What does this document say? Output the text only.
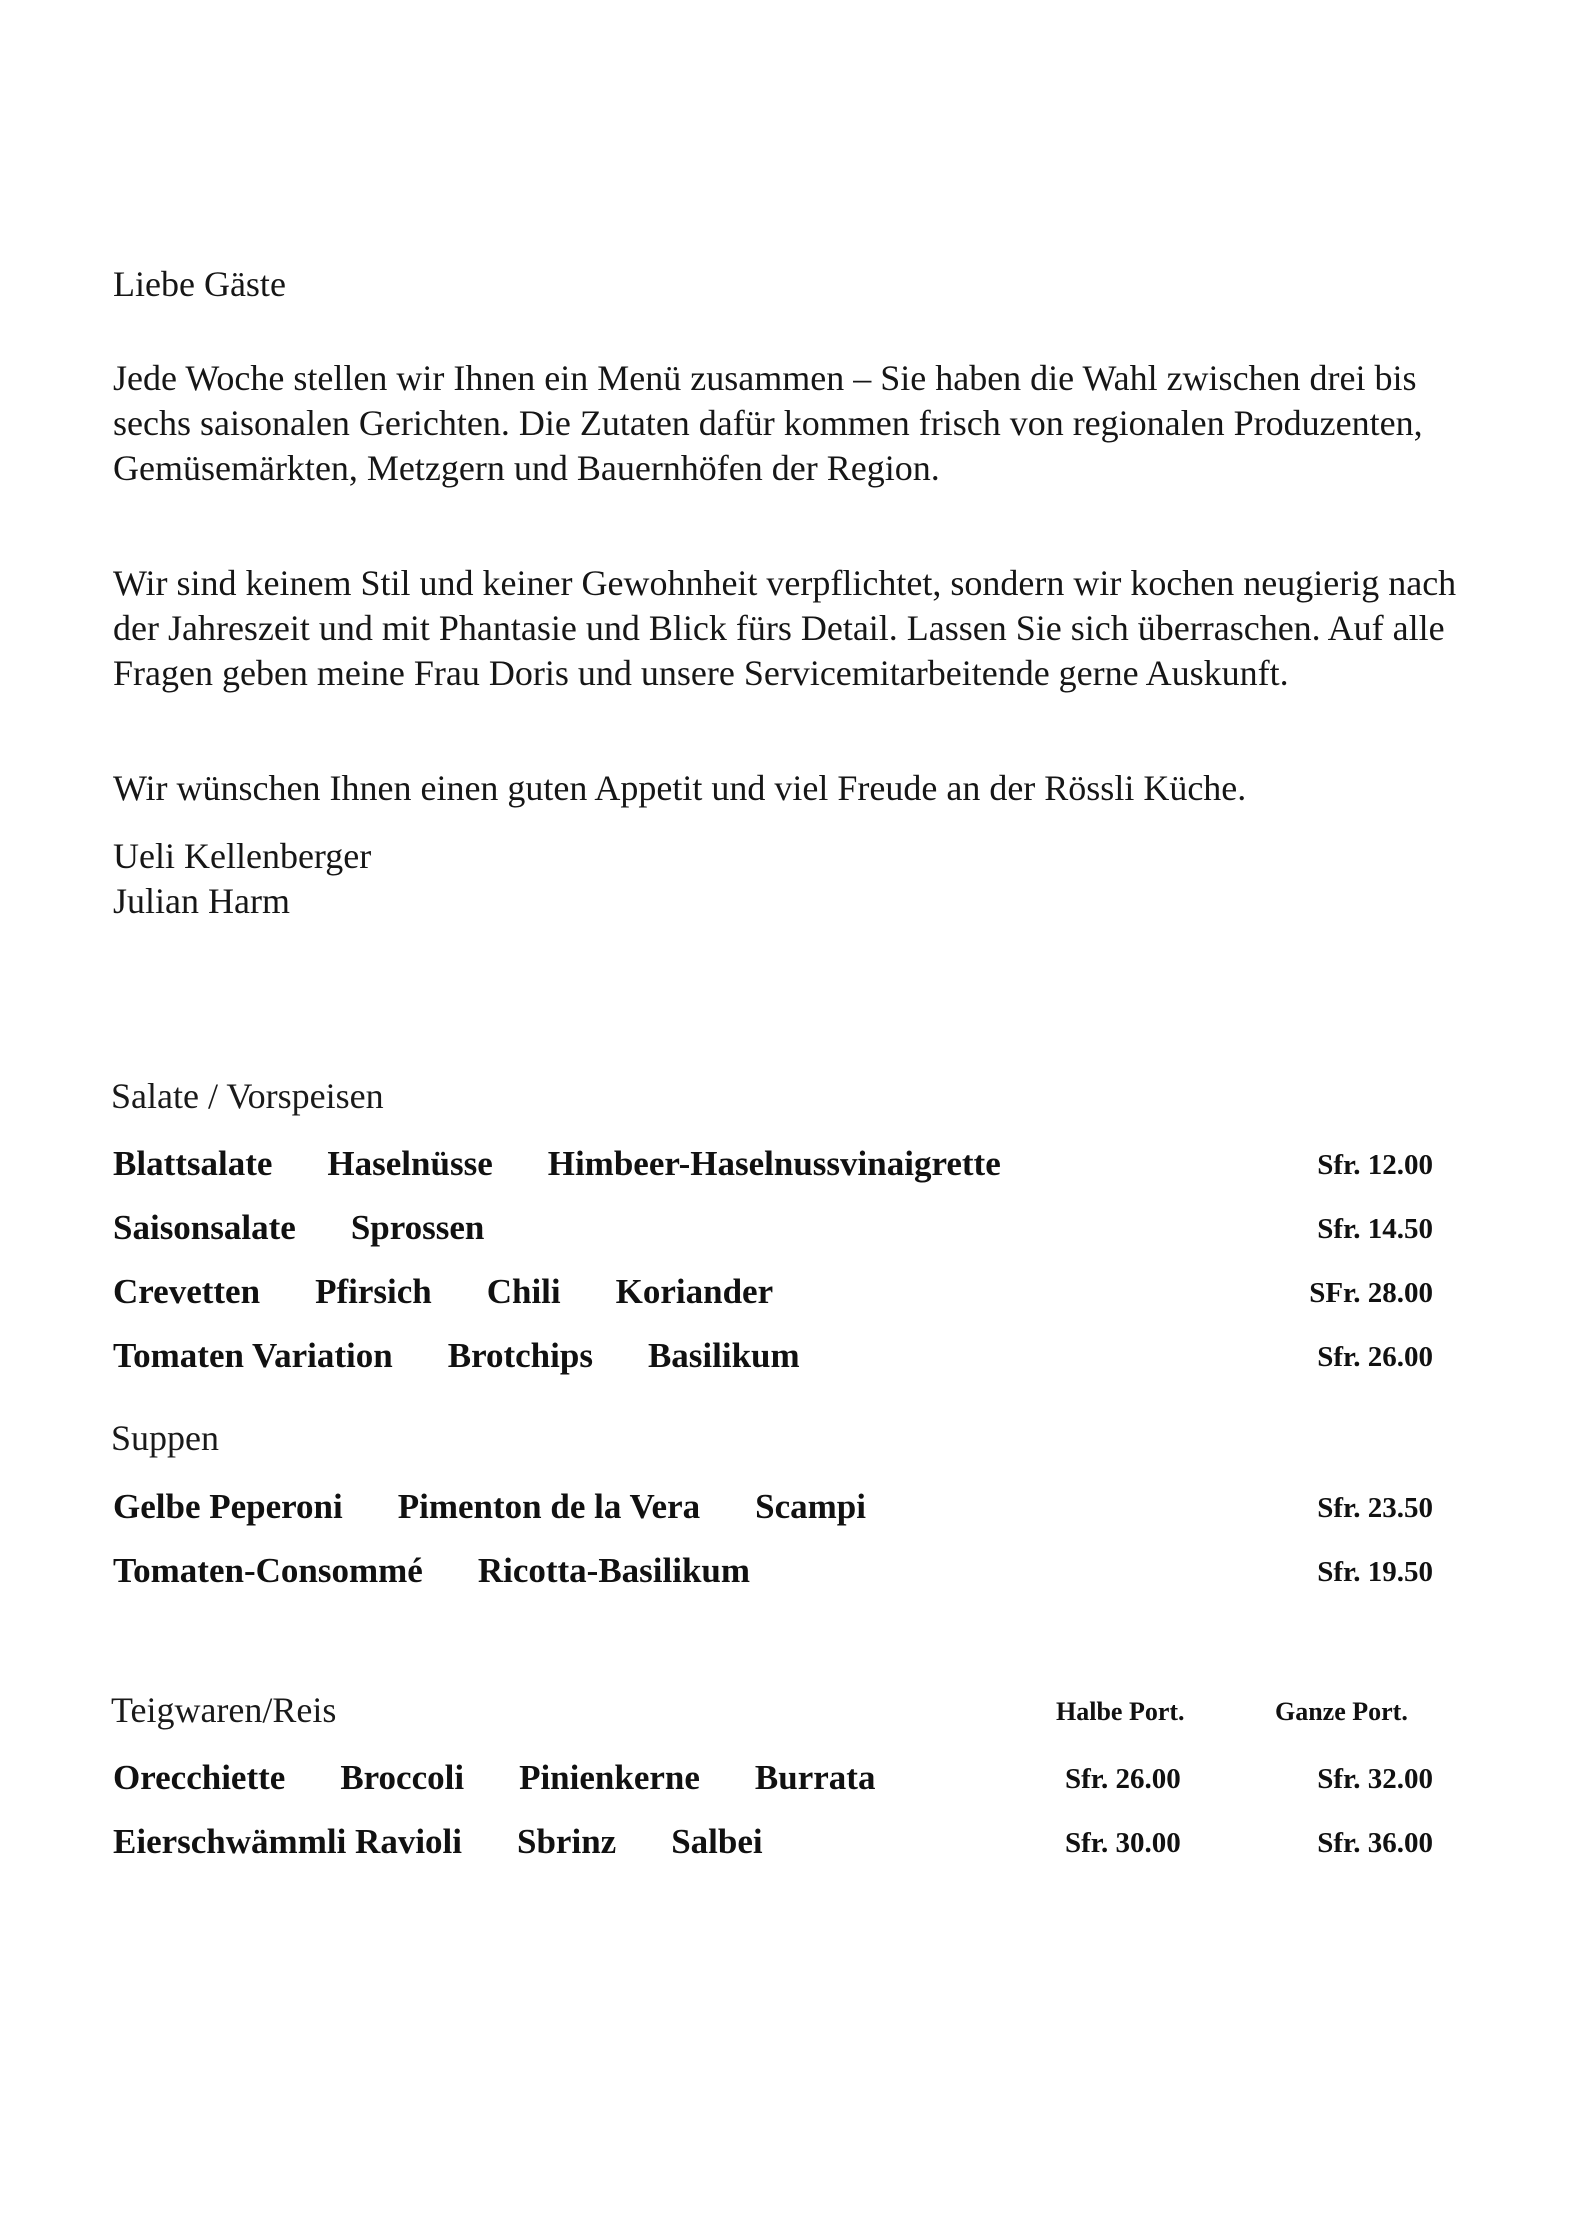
Liebe Gäste
Jede Woche stellen wir Ihnen ein Menü zusammen – Sie haben die Wahl zwischen drei bis sechs saisonalen Gerichten. Die Zutaten dafür kommen frisch von regionalen Produzenten, Gemüsemärkten, Metzgern und Bauernhöfen der Region.
Wir sind keinem Stil und keiner Gewohnheit verpflichtet, sondern wir kochen neugierig nach der Jahreszeit und mit Phantasie und Blick fürs Detail. Lassen Sie sich überraschen. Auf alle Fragen geben meine Frau Doris und unsere Servicemitarbeitende gerne Auskunft.
Wir wünschen Ihnen einen guten Appetit und viel Freude an der Rössli Küche.
Ueli Kellenberger
Julian Harm
Salate / Vorspeisen
Blattsalate Haselnüsse Himbeer-Haselnussvinaigrette	Sfr. 12.00
Saisonsalate Sprossen	Sfr. 14.50
Crevetten Pfirsich Chili Koriander	SFr. 28.00
Tomaten Variation Brotchips Basilikum	Sfr. 26.00
Suppen
Gelbe Peperoni Pimenton de la Vera Scampi	Sfr. 23.50
Tomaten-Consommé Ricotta-Basilikum	Sfr. 19.50
Teigwaren/Reis	Halbe Port.	Ganze Port.
Orecchiette Broccoli Pinienkerne Burrata	Sfr. 26.00	Sfr. 32.00
Eierschwämmli Ravioli Sbrinz Salbei	Sfr. 30.00	Sfr. 36.00
